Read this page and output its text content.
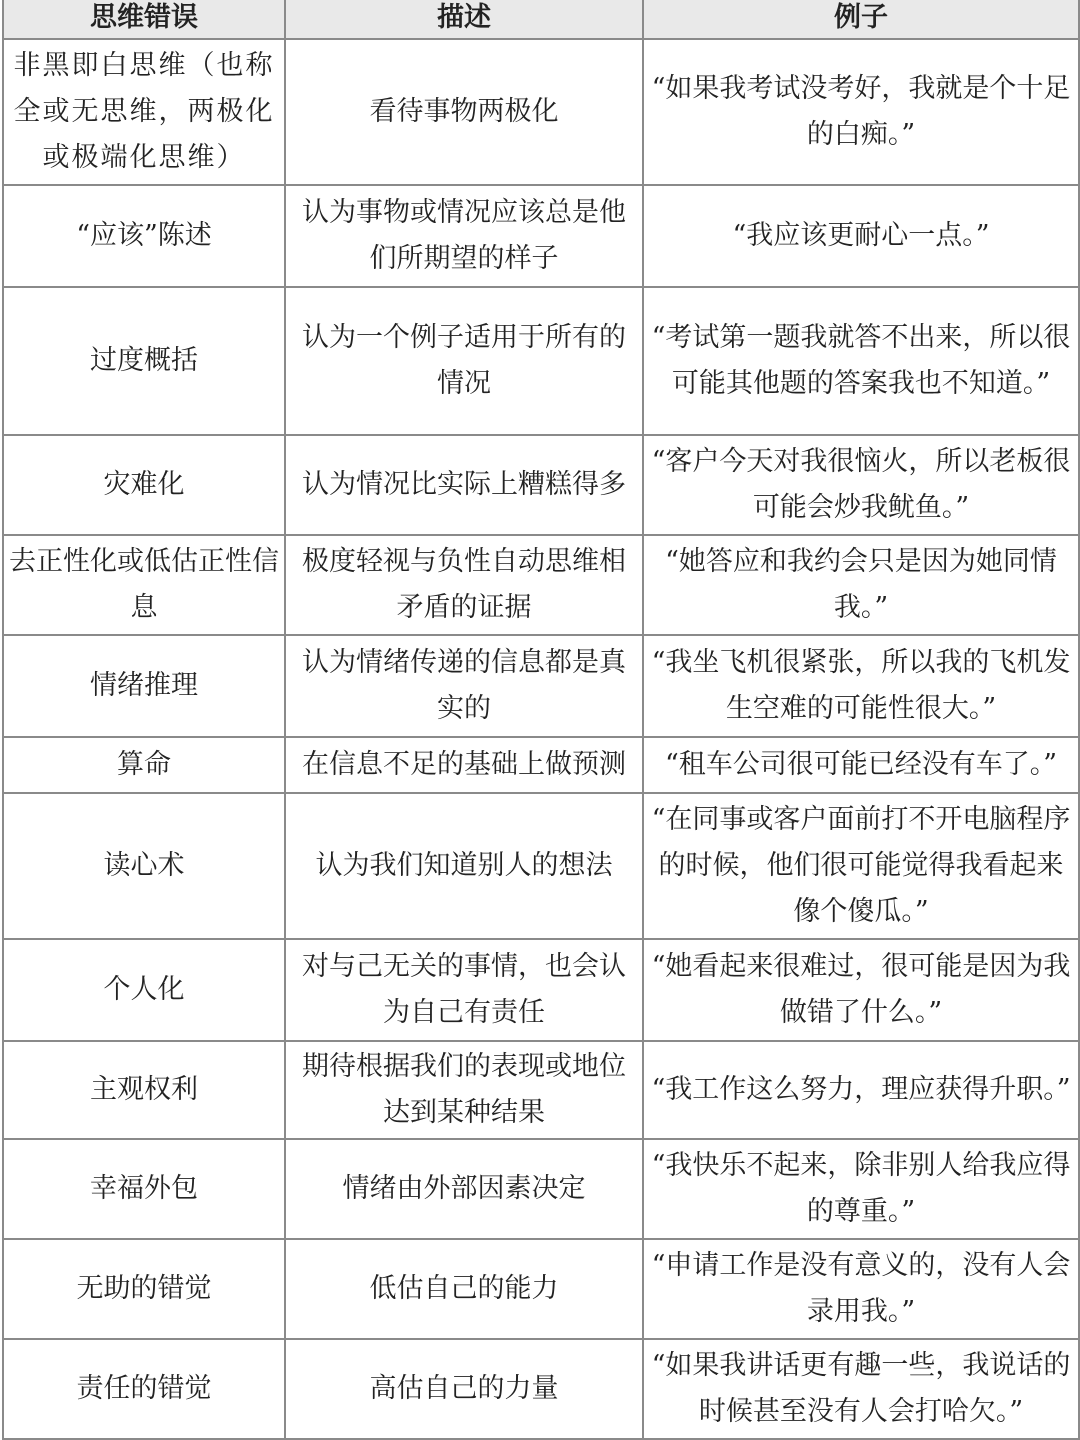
思维错误	描述	例子
非黑即白思维（也称全或无思维，两极化或极端化思维）	看待事物两极化	“如果我考试没考好，我就是个十足的白痴。”
“应该”陈述	认为事物或情况应该总是他们所期望的样子	“我应该更耐心一点。”
过度概括	认为一个例子适用于所有的情况	“考试第一题我就答不出来，所以很可能其他题的答案我也不知道。”
灾难化	认为情况比实际上糟糕得多	“客户今天对我很恼火，所以老板很可能会炒我鱿鱼。”
去正性化或低估正性信息	极度轻视与负性自动思维相矛盾的证据	“她答应和我约会只是因为她同情我。”
情绪推理	认为情绪传递的信息都是真实的	“我坐飞机很紧张，所以我的飞机发生空难的可能性很大。”
算命	在信息不足的基础上做预测	“租车公司很可能已经没有车了。”
读心术	认为我们知道别人的想法	“在同事或客户面前打不开电脑程序的时候，他们很可能觉得我看起来像个傻瓜。”
个人化	对与己无关的事情，也会认为自己有责任	“她看起来很难过，很可能是因为我做错了什么。”
主观权利	期待根据我们的表现或地位达到某种结果	“我工作这么努力，理应获得升职。”
幸福外包	情绪由外部因素决定	“我快乐不起来，除非别人给我应得的尊重。”
无助的错觉	低估自己的能力	“申请工作是没有意义的，没有人会录用我。”
责任的错觉	高估自己的力量	“如果我讲话更有趣一些，我说话的时候甚至没有人会打哈欠。”
